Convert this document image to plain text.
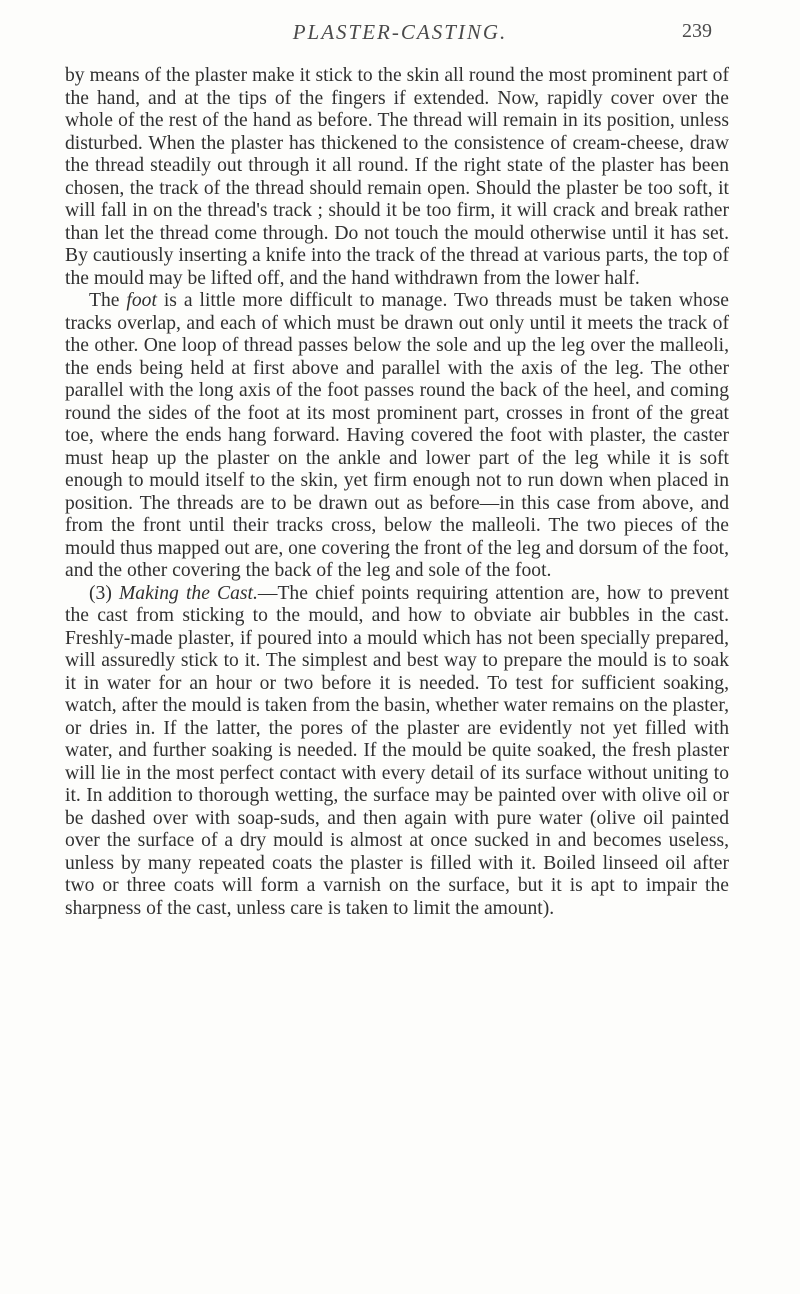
PLASTER-CASTING.	239

by means of the plaster make it stick to the skin all round the most prominent part of the hand, and at the tips of the fingers if extended. Now, rapidly cover over the whole of the rest of the hand as before. The thread will remain in its position, unless disturbed. When the plaster has thickened to the consistence of cream-cheese, draw the thread steadily out through it all round. If the right state of the plaster has been chosen, the track of the thread should remain open. Should the plaster be too soft, it will fall in on the thread's track ; should it be too firm, it will crack and break rather than let the thread come through. Do not touch the mould otherwise until it has set. By cautiously inserting a knife into the track of the thread at various parts, the top of the mould may be lifted off, and the hand withdrawn from the lower half.

The foot is a little more difficult to manage. Two threads must be taken whose tracks overlap, and each of which must be drawn out only until it meets the track of the other. One loop of thread passes below the sole and up the leg over the malleoli, the ends being held at first above and parallel with the axis of the leg. The other parallel with the long axis of the foot passes round the back of the heel, and coming round the sides of the foot at its most prominent part, crosses in front of the great toe, where the ends hang forward. Having covered the foot with plaster, the caster must heap up the plaster on the ankle and lower part of the leg while it is soft enough to mould itself to the skin, yet firm enough not to run down when placed in position. The threads are to be drawn out as before—in this case from above, and from the front until their tracks cross, below the malleoli. The two pieces of the mould thus mapped out are, one covering the front of the leg and dorsum of the foot, and the other covering the back of the leg and sole of the foot.

(3) Making the Cast.—The chief points requiring attention are, how to prevent the cast from sticking to the mould, and how to obviate air bubbles in the cast. Freshly-made plaster, if poured into a mould which has not been specially prepared, will assuredly stick to it. The simplest and best way to prepare the mould is to soak it in water for an hour or two before it is needed. To test for sufficient soaking, watch, after the mould is taken from the basin, whether water remains on the plaster, or dries in. If the latter, the pores of the plaster are evidently not yet filled with water, and further soaking is needed. If the mould be quite soaked, the fresh plaster will lie in the most perfect contact with every detail of its surface without uniting to it. In addition to thorough wetting, the surface may be painted over with olive oil or be dashed over with soap-suds, and then again with pure water (olive oil painted over the surface of a dry mould is almost at once sucked in and becomes useless, unless by many repeated coats the plaster is filled with it. Boiled linseed oil after two or three coats will form a varnish on the surface, but it is apt to impair the sharpness of the cast, unless care is taken to limit the amount).
